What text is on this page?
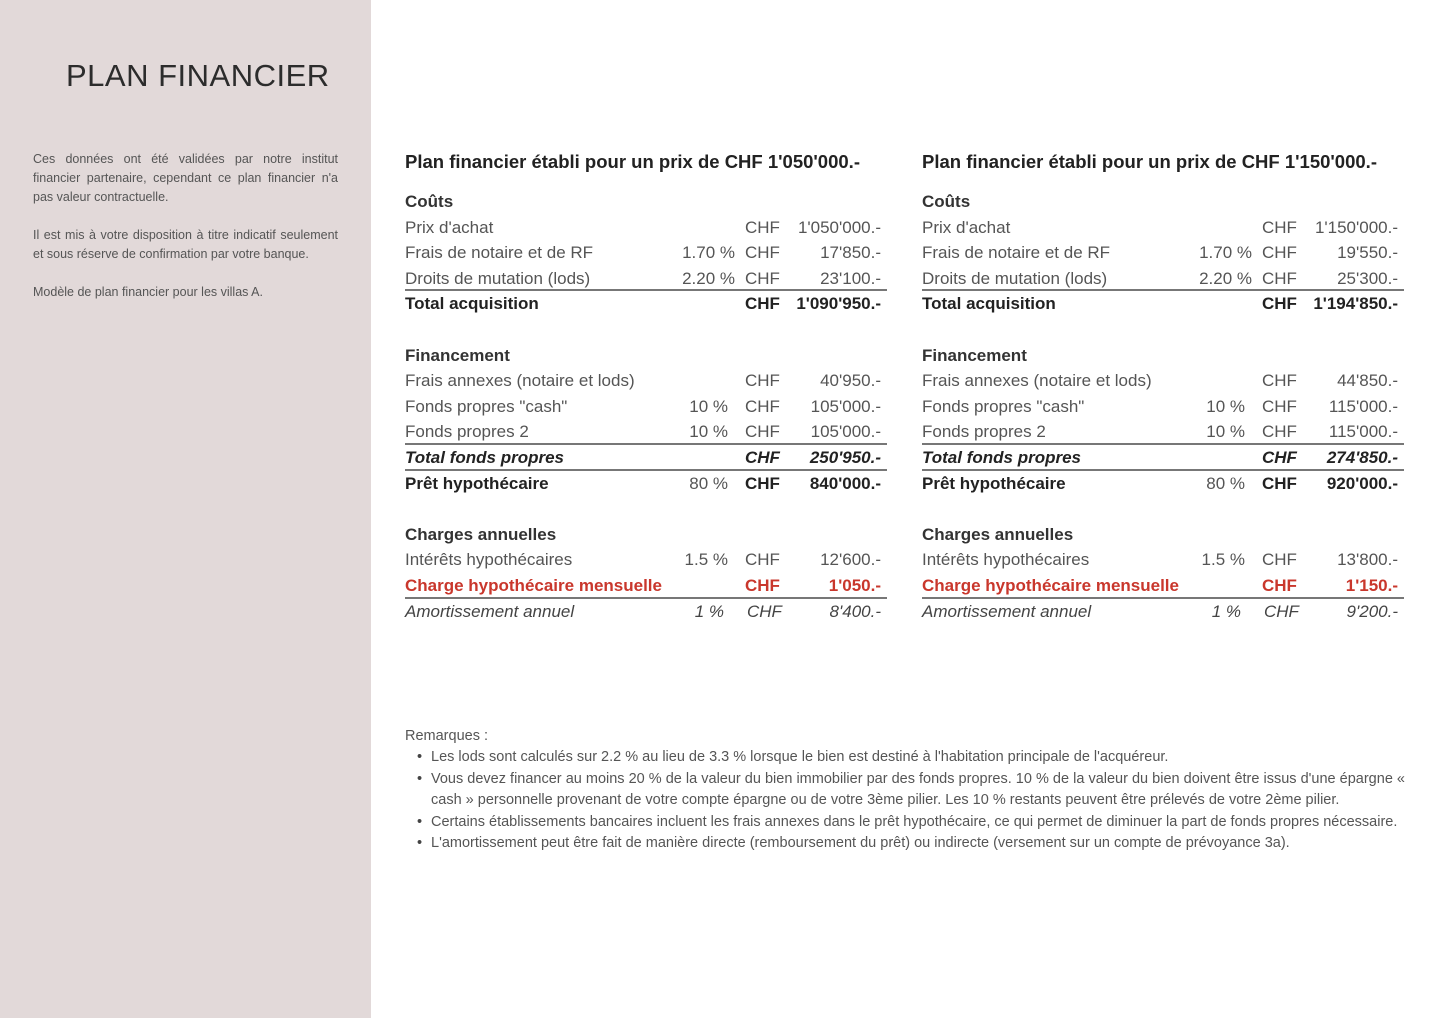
PLAN FINANCIER

Ces données ont été validées par notre institut financier partenaire, cependant ce plan financier n'a pas valeur contractuelle.

Il est mis à votre disposition à titre indicatif seulement et sous réserve de confirmation par votre banque.

Modèle de plan financier pour les villas A.

Plan financier établi pour un prix de CHF 1'050'000.-
Coûts
Prix d'achat	CHF 1'050'000.-
Frais de notaire et de RF	1.70 % CHF 17'850.-
Droits de mutation (lods)	2.20 % CHF 23'100.-
Total acquisition	CHF 1'090'950.-
Financement
Frais annexes (notaire et lods)	CHF 40'950.-
Fonds propres "cash"	10 % CHF 105'000.-
Fonds propres 2	10 % CHF 105'000.-
Total fonds propres	CHF 250'950.-
Prêt hypothécaire	80 % CHF 840'000.-
Charges annuelles
Intérêts hypothécaires	1.5 % CHF 12'600.-
Charge hypothécaire mensuelle	CHF	1'050.-
Amortissement annuel	1 % CHF	8'400.-
Plan financier établi pour un prix de CHF 1'150'000.-
Coûts
Prix d'achat	CHF 1'150'000.-
Frais de notaire et de RF	1.70 % CHF 19'550.-
Droits de mutation (lods)	2.20 % CHF 25'300.-
Total acquisition	CHF 1'194'850.-
Financement
Frais annexes (notaire et lods)	CHF 44'850.-
Fonds propres "cash"	10 % CHF 115'000.-
Fonds propres 2	10 % CHF 115'000.-
Total fonds propres	CHF 274'850.-
Prêt hypothécaire	80 % CHF 920'000.-
Charges annuelles
Intérêts hypothécaires	1.5 % CHF 13'800.-
Charge hypothécaire mensuelle	CHF	1'150.-
Amortissement annuel	1 % CHF	9'200.-
Remarques :
• Les lods sont calculés sur 2.2 % au lieu de 3.3 % lorsque le bien est destiné à l'habitation principale de l'acquéreur.
• Vous devez financer au moins 20 % de la valeur du bien immobilier par des fonds propres. 10 % de la valeur du bien doivent être issus d'une épargne « cash » personnelle provenant de votre compte épargne ou de votre 3ème pilier. Les 10 % restants peuvent être prélevés de votre 2ème pilier.
• Certains établissements bancaires incluent les frais annexes dans le prêt hypothécaire, ce qui permet de diminuer la part de fonds propres nécessaire.
• L'amortissement peut être fait de manière directe (remboursement du prêt) ou indirecte (versement sur un compte de prévoyance 3a).
